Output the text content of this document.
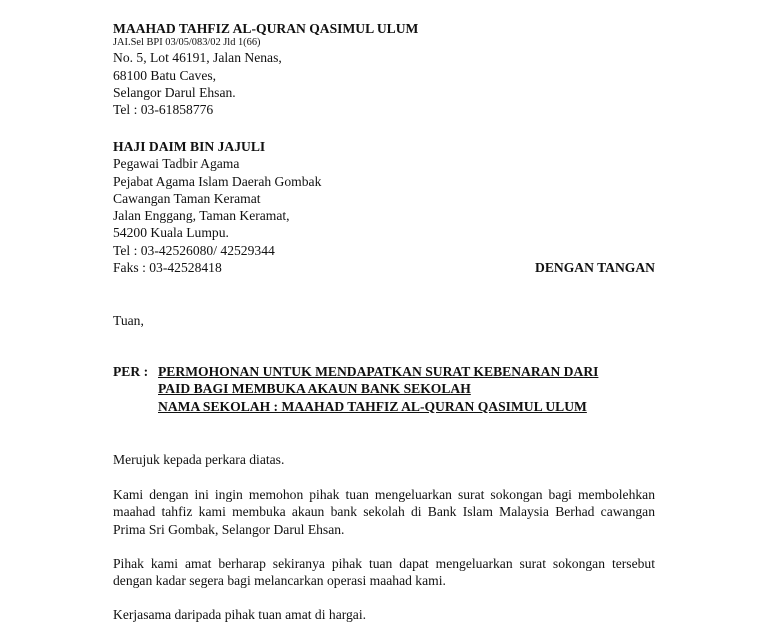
MAAHAD TAHFIZ AL-QURAN QASIMUL ULUM
JAI.Sel BPI 03/05/083/02 Jld 1(66)
No. 5, Lot 46191, Jalan Nenas,
68100 Batu Caves,
Selangor Darul Ehsan.
Tel : 03-61858776
HAJI DAIM BIN JAJULI
Pegawai Tadbir Agama
Pejabat Agama Islam Daerah Gombak
Cawangan Taman Keramat
Jalan Enggang, Taman Keramat,
54200 Kuala Lumpu.
Tel : 03-42526080/ 42529344
Faks : 03-42528418	DENGAN TANGAN
Tuan,
PER : PERMOHONAN UNTUK MENDAPATKAN SURAT KEBENARAN DARI
PAID BAGI MEMBUKA AKAUN BANK SEKOLAH
NAMA SEKOLAH : MAAHAD TAHFIZ AL-QURAN QASIMUL ULUM
Merujuk kepada perkara diatas.
Kami dengan ini ingin memohon pihak tuan mengeluarkan surat sokongan bagi membolehkan maahad tahfiz kami membuka akaun bank sekolah di Bank Islam Malaysia Berhad cawangan Prima Sri Gombak, Selangor Darul Ehsan.
Pihak kami amat berharap sekiranya pihak tuan dapat mengeluarkan surat sokongan tersebut dengan kadar segera bagi melancarkan operasi maahad kami.
Kerjasama daripada pihak tuan amat di hargai.
